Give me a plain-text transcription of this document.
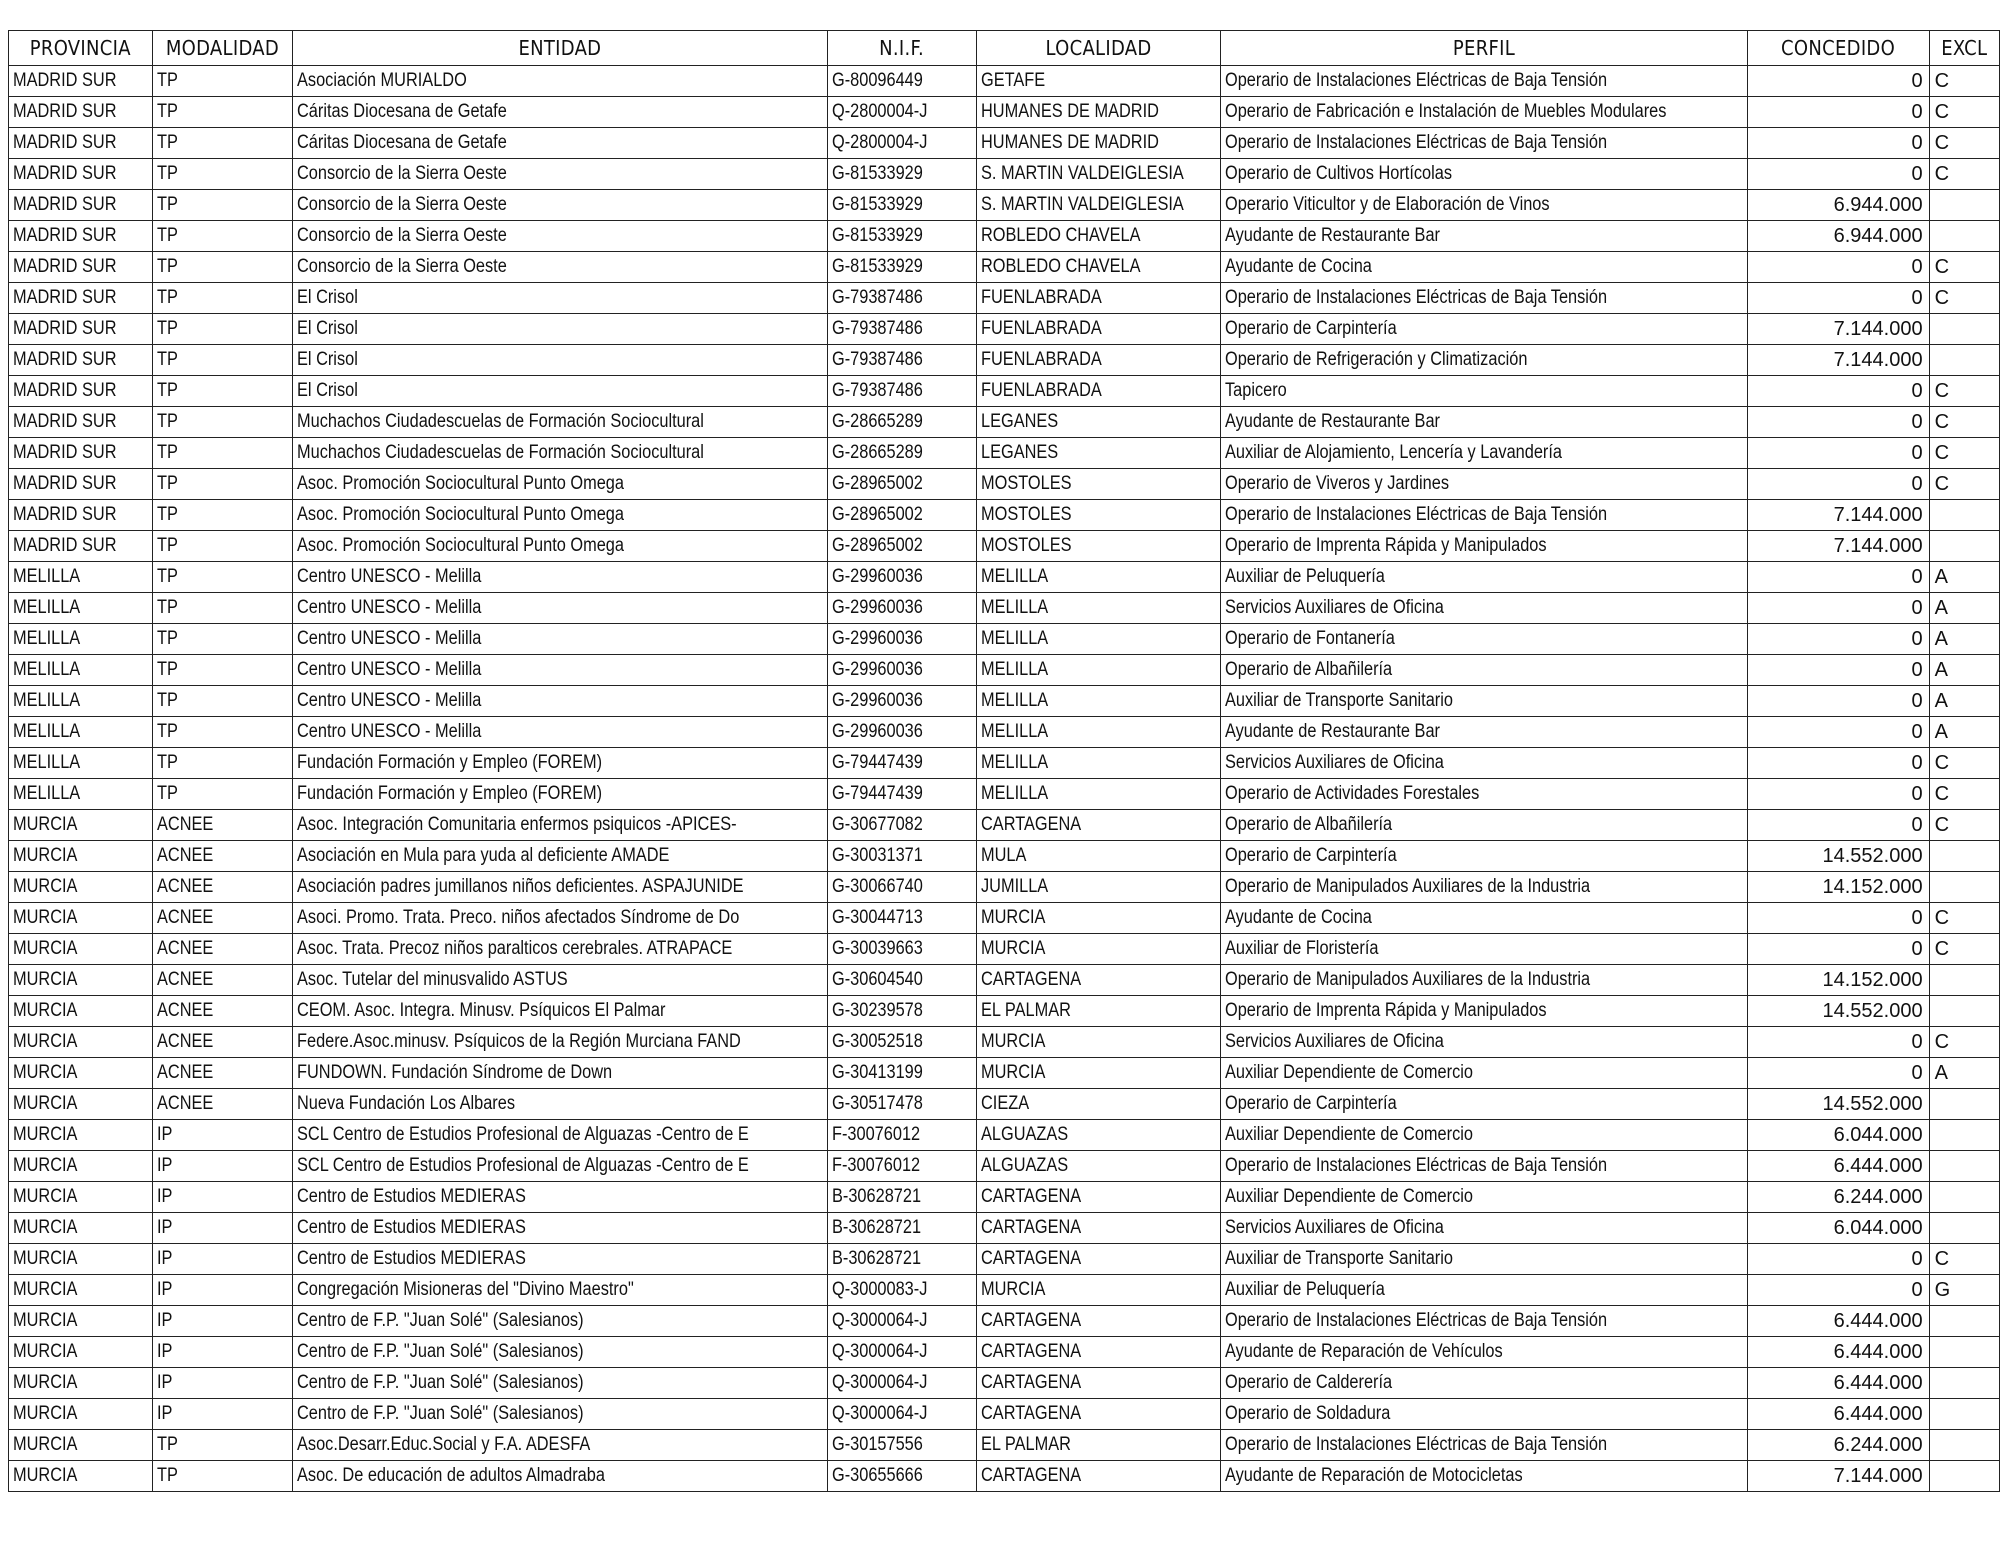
PROVINCIA	MODALIDAD	ENTIDAD	N.I.F.	LOCALIDAD	PERFIL	CONCEDIDO	EXCL
MADRID SUR	TP	Asociación MURIALDO	G-80096449	GETAFE	Operario de Instalaciones Eléctricas de Baja Tensión	0	C
MADRID SUR	TP	Cáritas Diocesana de Getafe	Q-2800004-J	HUMANES DE MADRID	Operario de Fabricación e Instalación de Muebles Modulares	0	C
MADRID SUR	TP	Cáritas Diocesana de Getafe	Q-2800004-J	HUMANES DE MADRID	Operario de Instalaciones Eléctricas de Baja Tensión	0	C
MADRID SUR	TP	Consorcio de la Sierra Oeste	G-81533929	S. MARTIN VALDEIGLESIA	Operario de Cultivos Hortícolas	0	C
MADRID SUR	TP	Consorcio de la Sierra Oeste	G-81533929	S. MARTIN VALDEIGLESIA	Operario Viticultor y de Elaboración de Vinos	6.944.000	
MADRID SUR	TP	Consorcio de la Sierra Oeste	G-81533929	ROBLEDO CHAVELA	Ayudante de Restaurante Bar	6.944.000	
MADRID SUR	TP	Consorcio de la Sierra Oeste	G-81533929	ROBLEDO CHAVELA	Ayudante de Cocina	0	C
MADRID SUR	TP	El Crisol	G-79387486	FUENLABRADA	Operario de Instalaciones Eléctricas de Baja Tensión	0	C
MADRID SUR	TP	El Crisol	G-79387486	FUENLABRADA	Operario de Carpintería	7.144.000	
MADRID SUR	TP	El Crisol	G-79387486	FUENLABRADA	Operario de Refrigeración y Climatización	7.144.000	
MADRID SUR	TP	El Crisol	G-79387486	FUENLABRADA	Tapicero	0	C
MADRID SUR	TP	Muchachos Ciudadescuelas de Formación Sociocultural	G-28665289	LEGANES	Ayudante de Restaurante Bar	0	C
MADRID SUR	TP	Muchachos Ciudadescuelas de Formación Sociocultural	G-28665289	LEGANES	Auxiliar de Alojamiento, Lencería y Lavandería	0	C
MADRID SUR	TP	Asoc. Promoción Sociocultural Punto Omega	G-28965002	MOSTOLES	Operario de Viveros y Jardines	0	C
MADRID SUR	TP	Asoc. Promoción Sociocultural Punto Omega	G-28965002	MOSTOLES	Operario de Instalaciones Eléctricas de Baja Tensión	7.144.000	
MADRID SUR	TP	Asoc. Promoción Sociocultural Punto Omega	G-28965002	MOSTOLES	Operario de Imprenta Rápida y Manipulados	7.144.000	
MELILLA	TP	Centro UNESCO - Melilla	G-29960036	MELILLA	Auxiliar de Peluquería	0	A
MELILLA	TP	Centro UNESCO - Melilla	G-29960036	MELILLA	Servicios Auxiliares de Oficina	0	A
MELILLA	TP	Centro UNESCO - Melilla	G-29960036	MELILLA	Operario de Fontanería	0	A
MELILLA	TP	Centro UNESCO - Melilla	G-29960036	MELILLA	Operario de Albañilería	0	A
MELILLA	TP	Centro UNESCO - Melilla	G-29960036	MELILLA	Auxiliar de Transporte Sanitario	0	A
MELILLA	TP	Centro UNESCO - Melilla	G-29960036	MELILLA	Ayudante de Restaurante Bar	0	A
MELILLA	TP	Fundación Formación y Empleo (FOREM)	G-79447439	MELILLA	Servicios Auxiliares de Oficina	0	C
MELILLA	TP	Fundación Formación y Empleo (FOREM)	G-79447439	MELILLA	Operario de Actividades Forestales	0	C
MURCIA	ACNEE	Asoc. Integración Comunitaria enfermos psiquicos -APICES-	G-30677082	CARTAGENA	Operario de Albañilería	0	C
MURCIA	ACNEE	Asociación en Mula para yuda al deficiente AMADE	G-30031371	MULA	Operario de Carpintería	14.552.000	
MURCIA	ACNEE	Asociación padres jumillanos niños deficientes. ASPAJUNIDE	G-30066740	JUMILLA	Operario de Manipulados Auxiliares de la Industria	14.152.000	
MURCIA	ACNEE	Asoci. Promo. Trata. Preco. niños afectados Síndrome de Do	G-30044713	MURCIA	Ayudante de Cocina	0	C
MURCIA	ACNEE	Asoc. Trata. Precoz niños paralticos cerebrales. ATRAPACE	G-30039663	MURCIA	Auxiliar de Floristería	0	C
MURCIA	ACNEE	Asoc. Tutelar del minusvalido ASTUS	G-30604540	CARTAGENA	Operario de Manipulados Auxiliares de la Industria	14.152.000	
MURCIA	ACNEE	CEOM. Asoc. Integra. Minusv. Psíquicos El Palmar	G-30239578	EL PALMAR	Operario de Imprenta Rápida y Manipulados	14.552.000	
MURCIA	ACNEE	Federe.Asoc.minusv. Psíquicos de la Región Murciana FAND	G-30052518	MURCIA	Servicios Auxiliares de Oficina	0	C
MURCIA	ACNEE	FUNDOWN. Fundación Síndrome de Down	G-30413199	MURCIA	Auxiliar Dependiente de Comercio	0	A
MURCIA	ACNEE	Nueva Fundación Los Albares	G-30517478	CIEZA	Operario de Carpintería	14.552.000	
MURCIA	IP	SCL Centro de Estudios Profesional de Alguazas -Centro de E	F-30076012	ALGUAZAS	Auxiliar Dependiente de Comercio	6.044.000	
MURCIA	IP	SCL Centro de Estudios Profesional de Alguazas -Centro de E	F-30076012	ALGUAZAS	Operario de Instalaciones Eléctricas de Baja Tensión	6.444.000	
MURCIA	IP	Centro de Estudios MEDIERAS	B-30628721	CARTAGENA	Auxiliar Dependiente de Comercio	6.244.000	
MURCIA	IP	Centro de Estudios MEDIERAS	B-30628721	CARTAGENA	Servicios Auxiliares de Oficina	6.044.000	
MURCIA	IP	Centro de Estudios MEDIERAS	B-30628721	CARTAGENA	Auxiliar de Transporte Sanitario	0	C
MURCIA	IP	Congregación Misioneras del "Divino Maestro"	Q-3000083-J	MURCIA	Auxiliar de Peluquería	0	G
MURCIA	IP	Centro de F.P. "Juan Solé" (Salesianos)	Q-3000064-J	CARTAGENA	Operario de Instalaciones Eléctricas de Baja Tensión	6.444.000	
MURCIA	IP	Centro de F.P. "Juan Solé" (Salesianos)	Q-3000064-J	CARTAGENA	Ayudante de Reparación de Vehículos	6.444.000	
MURCIA	IP	Centro de F.P. "Juan Solé" (Salesianos)	Q-3000064-J	CARTAGENA	Operario de Calderería	6.444.000	
MURCIA	IP	Centro de F.P. "Juan Solé" (Salesianos)	Q-3000064-J	CARTAGENA	Operario de Soldadura	6.444.000	
MURCIA	TP	Asoc.Desarr.Educ.Social y F.A. ADESFA	G-30157556	EL PALMAR	Operario de Instalaciones Eléctricas de Baja Tensión	6.244.000	
MURCIA	TP	Asoc. De educación de adultos Almadraba	G-30655666	CARTAGENA	Ayudante de Reparación de Motocicletas	7.144.000	
